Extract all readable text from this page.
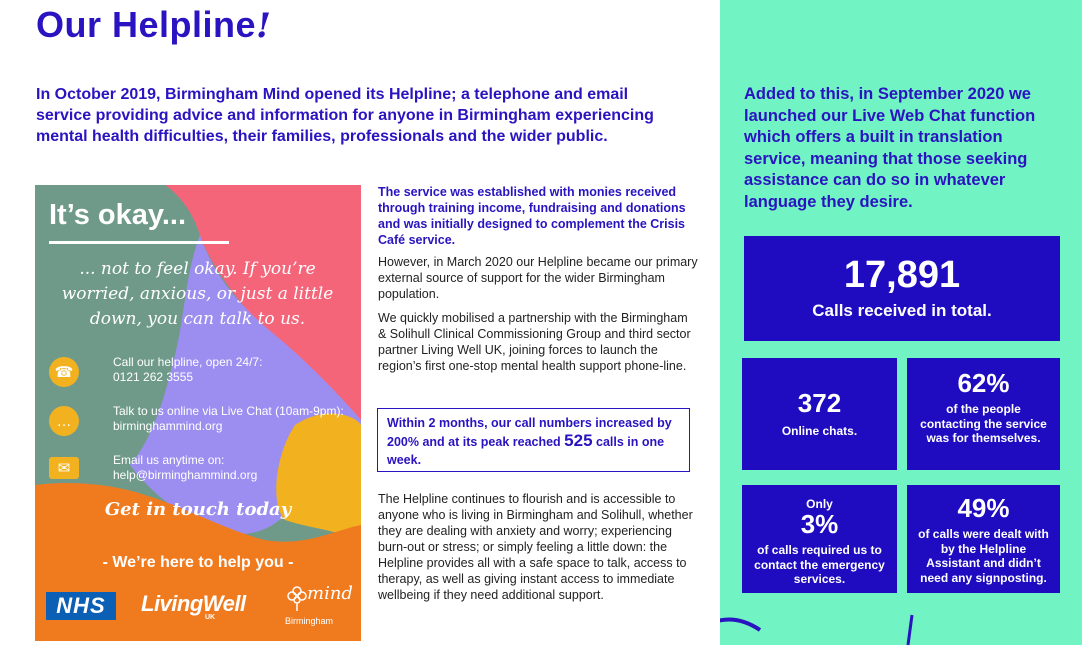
Our Helpline!

In October 2019, Birmingham Mind opened its Helpline; a telephone and email service providing advice and information for anyone in Birmingham experiencing mental health difficulties, their families, professionals and the wider public.

It’s okay...
... not to feel okay. If you’re worried, anxious, or just a little down, you can talk to us.
☎
Call our helpline, open 24/7:
0121 262 3555
…
Talk to us online via Live Chat (10am-9pm):
birminghammind.org
✉	Email us anytime on:
help@birminghammind.org
Get in touch today
- We’re here to help you -
NHS	LivingWell
UK
mind
Birmingham

The service was established with monies received through training income, fundraising and donations and was initially designed to complement the Crisis Café service.

However, in March 2020 our Helpline became our primary external source of support for the wider Birmingham population.

We quickly mobilised a partnership with the Birmingham & Solihull Clinical Commissioning Group and third sector partner Living Well UK, joining forces to launch the region’s first one-stop mental health support phone-line.

Within 2 months, our call numbers increased by 200% and at its peak reached 525 calls in one week.

The Helpline continues to flourish and is accessible to anyone who is living in Birmingham and Solihull, whether they are dealing with anxiety and worry; experiencing burn-out or stress; or simply feeling a little down: the Helpline provides all with a safe space to talk, access to therapy, as well as giving instant access to immediate wellbeing if they need additional support.

Added to this, in September 2020 we launched our Live Web Chat function which offers a built in translation service, meaning that those seeking assistance can do so in whatever language they desire.

17,891
Calls received in total.
372
Online chats.
62%
of the people contacting the service was for themselves.
Only
3%
of calls required us to contact the emergency services.
49%
of calls were dealt with by the Helpline Assistant and didn’t need any signposting.
